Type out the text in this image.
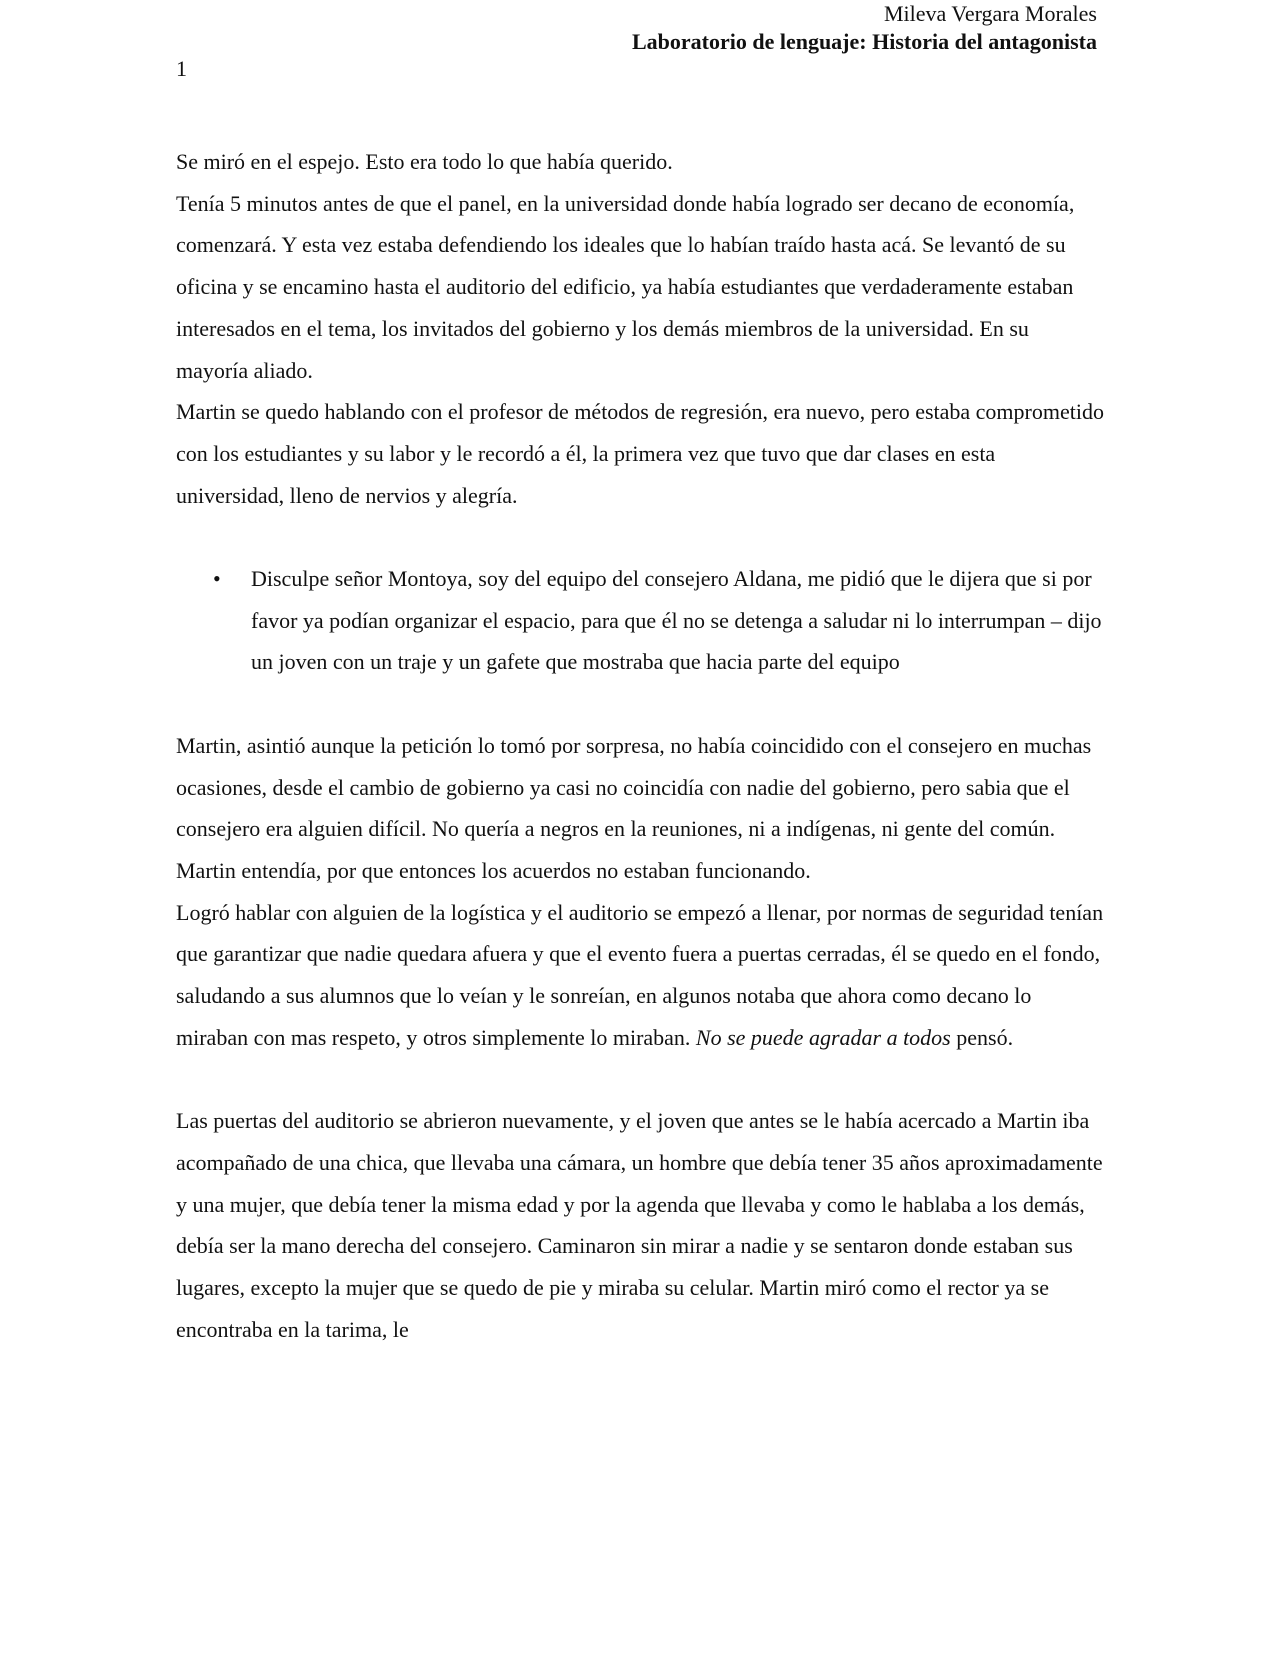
Mileva Vergara Morales
Laboratorio de lenguaje: Historia del antagonista
1

Se miró en el espejo. Esto era todo lo que había querido.

Tenía 5 minutos antes de que el panel, en la universidad donde había logrado ser decano de economía, comenzará. Y esta vez estaba defendiendo los ideales que lo habían traído hasta acá. Se levantó de su oficina y se encamino hasta el auditorio del edificio, ya había estudiantes que verdaderamente estaban interesados en el tema, los invitados del gobierno y los demás miembros de la universidad. En su mayoría aliado.

Martin se quedo hablando con el profesor de métodos de regresión, era nuevo, pero estaba comprometido con los estudiantes y su labor y le recordó a él, la primera vez que tuvo que dar clases en esta universidad, lleno de nervios y alegría.

• Disculpe señor Montoya, soy del equipo del consejero Aldana, me pidió que le dijera que si por favor ya podían organizar el espacio, para que él no se detenga a saludar ni lo interrumpan – dijo un joven con un traje y un gafete que mostraba que hacia parte del equipo

Martin, asintió aunque la petición lo tomó por sorpresa, no había coincidido con el consejero en muchas ocasiones, desde el cambio de gobierno ya casi no coincidía con nadie del gobierno, pero sabia que el consejero era alguien difícil. No quería a negros en la reuniones, ni a indígenas, ni gente del común. Martin entendía, por que entonces los acuerdos no estaban funcionando.

Logró hablar con alguien de la logística y el auditorio se empezó a llenar, por normas de seguridad tenían que garantizar que nadie quedara afuera y que el evento fuera a puertas cerradas, él se quedo en el fondo, saludando a sus alumnos que lo veían y le sonreían, en algunos notaba que ahora como decano lo miraban con mas respeto, y otros simplemente lo miraban. No se puede agradar a todos pensó.

Las puertas del auditorio se abrieron nuevamente, y el joven que antes se le había acercado a Martin iba acompañado de una chica, que llevaba una cámara, un hombre que debía tener 35 años aproximadamente y una mujer, que debía tener la misma edad y por la agenda que llevaba y como le hablaba a los demás, debía ser la mano derecha del consejero. Caminaron sin mirar a nadie y se sentaron donde estaban sus lugares, excepto la mujer que se quedo de pie y miraba su celular. Martin miró como el rector ya se encontraba en la tarima, le
